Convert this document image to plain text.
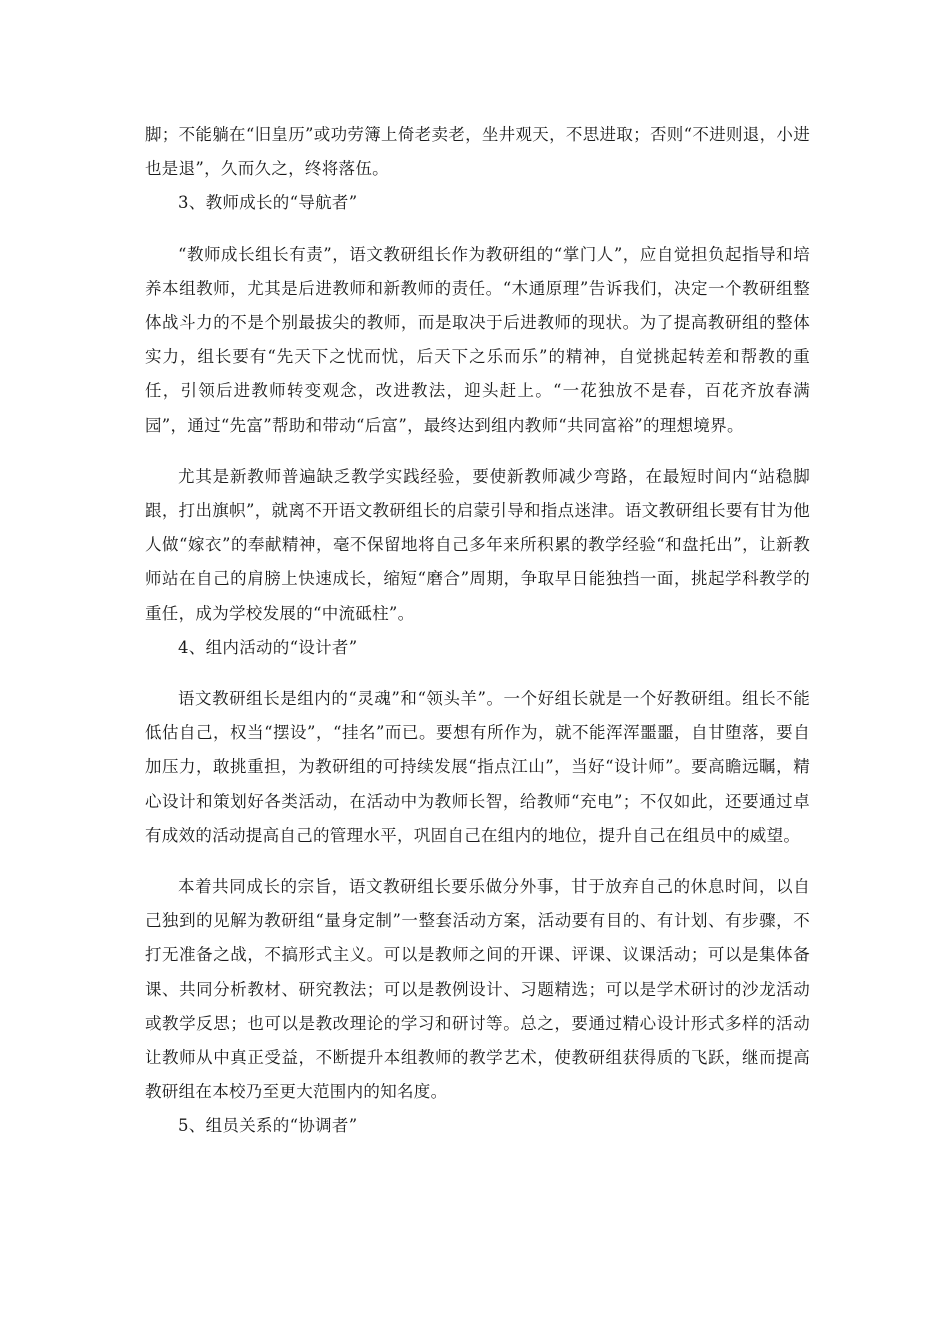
脚；不能躺在“旧皇历”或功劳簿上倚老卖老，坐井观天，不思进取；否则“不进则退，小进也是退”，久而久之，终将落伍。

3、教师成长的“导航者”

“教师成长组长有责”，语文教研组长作为教研组的“掌门人”，应自觉担负起指导和培养本组教师，尤其是后进教师和新教师的责任。“木通原理”告诉我们，决定一个教研组整体战斗力的不是个别最拔尖的教师，而是取决于后进教师的现状。为了提高教研组的整体实力，组长要有“先天下之忧而忧，后天下之乐而乐”的精神，自觉挑起转差和帮教的重任，引领后进教师转变观念，改进教法，迎头赶上。“一花独放不是春，百花齐放春满园”，通过“先富”帮助和带动“后富”，最终达到组内教师“共同富裕”的理想境界。

尤其是新教师普遍缺乏教学实践经验，要使新教师减少弯路，在最短时间内“站稳脚跟，打出旗帜”，就离不开语文教研组长的启蒙引导和指点迷津。语文教研组长要有甘为他人做“嫁衣”的奉献精神，毫不保留地将自己多年来所积累的教学经验“和盘托出”，让新教师站在自己的肩膀上快速成长，缩短“磨合”周期，争取早日能独挡一面，挑起学科教学的重任，成为学校发展的“中流砥柱”。

4、组内活动的“设计者”

语文教研组长是组内的“灵魂”和“领头羊”。一个好组长就是一个好教研组。组长不能低估自己，权当“摆设”，“挂名”而已。要想有所作为，就不能浑浑噩噩，自甘堕落，要自加压力，敢挑重担，为教研组的可持续发展“指点江山”，当好“设计师”。要高瞻远瞩，精心设计和策划好各类活动，在活动中为教师长智，给教师“充电”；不仅如此，还要通过卓有成效的活动提高自己的管理水平，巩固自己在组内的地位，提升自己在组员中的威望。

本着共同成长的宗旨，语文教研组长要乐做分外事，甘于放弃自己的休息时间，以自己独到的见解为教研组“量身定制”一整套活动方案，活动要有目的、有计划、有步骤，不打无准备之战，不搞形式主义。可以是教师之间的开课、评课、议课活动；可以是集体备课、共同分析教材、研究教法；可以是教例设计、习题精选；可以是学术研讨的沙龙活动或教学反思；也可以是教改理论的学习和研讨等。总之，要通过精心设计形式多样的活动让教师从中真正受益，不断提升本组教师的教学艺术，使教研组获得质的飞跃，继而提高教研组在本校乃至更大范围内的知名度。

5、组员关系的“协调者”
